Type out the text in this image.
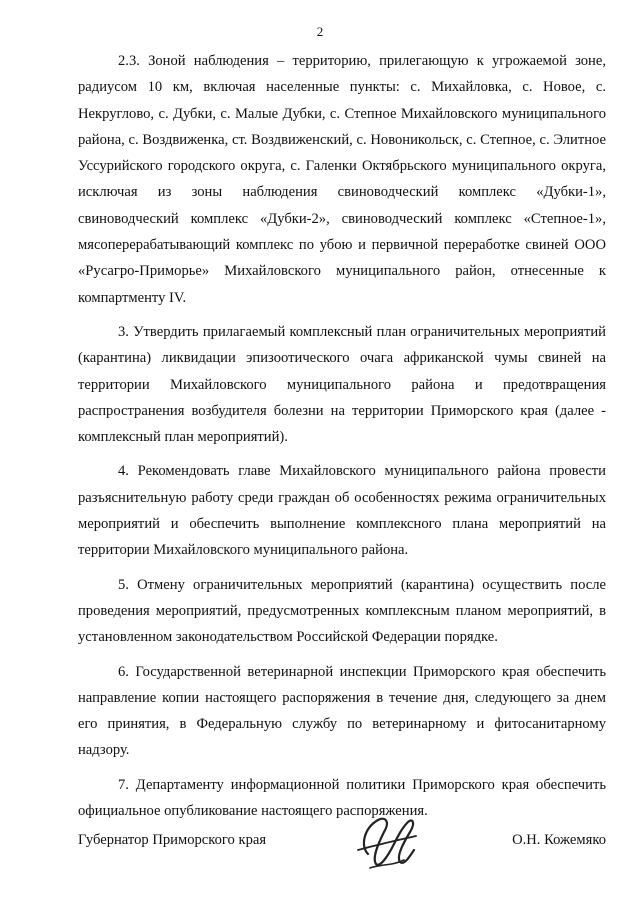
2

2.3. Зоной наблюдения – территорию, прилегающую к угрожаемой зоне, радиусом 10 км, включая населенные пункты: с. Михайловка, с. Новое, с. Некруглово, с. Дубки, с. Малые Дубки, с. Степное Михайловского муниципального района, с. Воздвиженка, ст. Воздвиженский, с. Новоникольск, с. Степное, с. Элитное Уссурийского городского округа, с. Галенки Октябрьского муниципального округа, исключая из зоны наблюдения свиноводческий комплекс «Дубки-1», свиноводческий комплекс «Дубки-2», свиноводческий комплекс «Степное-1», мясоперерабатывающий комплекс по убою и первичной переработке свиней ООО «Русагро-Приморье» Михайловского муниципального район, отнесенные к компартменту IV.

3. Утвердить прилагаемый комплексный план ограничительных мероприятий (карантина) ликвидации эпизоотического очага африканской чумы свиней на территории Михайловского муниципального района и предотвращения распространения возбудителя болезни на территории Приморского края (далее - комплексный план мероприятий).

4. Рекомендовать главе Михайловского муниципального района провести разъяснительную работу среди граждан об особенностях режима ограничительных мероприятий и обеспечить выполнение комплексного плана мероприятий на территории Михайловского муниципального района.

5. Отмену ограничительных мероприятий (карантина) осуществить после проведения мероприятий, предусмотренных комплексным планом мероприятий, в установленном законодательством Российской Федерации порядке.

6. Государственной ветеринарной инспекции Приморского края обеспечить направление копии настоящего распоряжения в течение дня, следующего за днем его принятия, в Федеральную службу по ветеринарному и фитосанитарному надзору.

7. Департаменту информационной политики Приморского края обеспечить официальное опубликование настоящего распоряжения.

Губернатор Приморского края	О.Н. Кожемяко
